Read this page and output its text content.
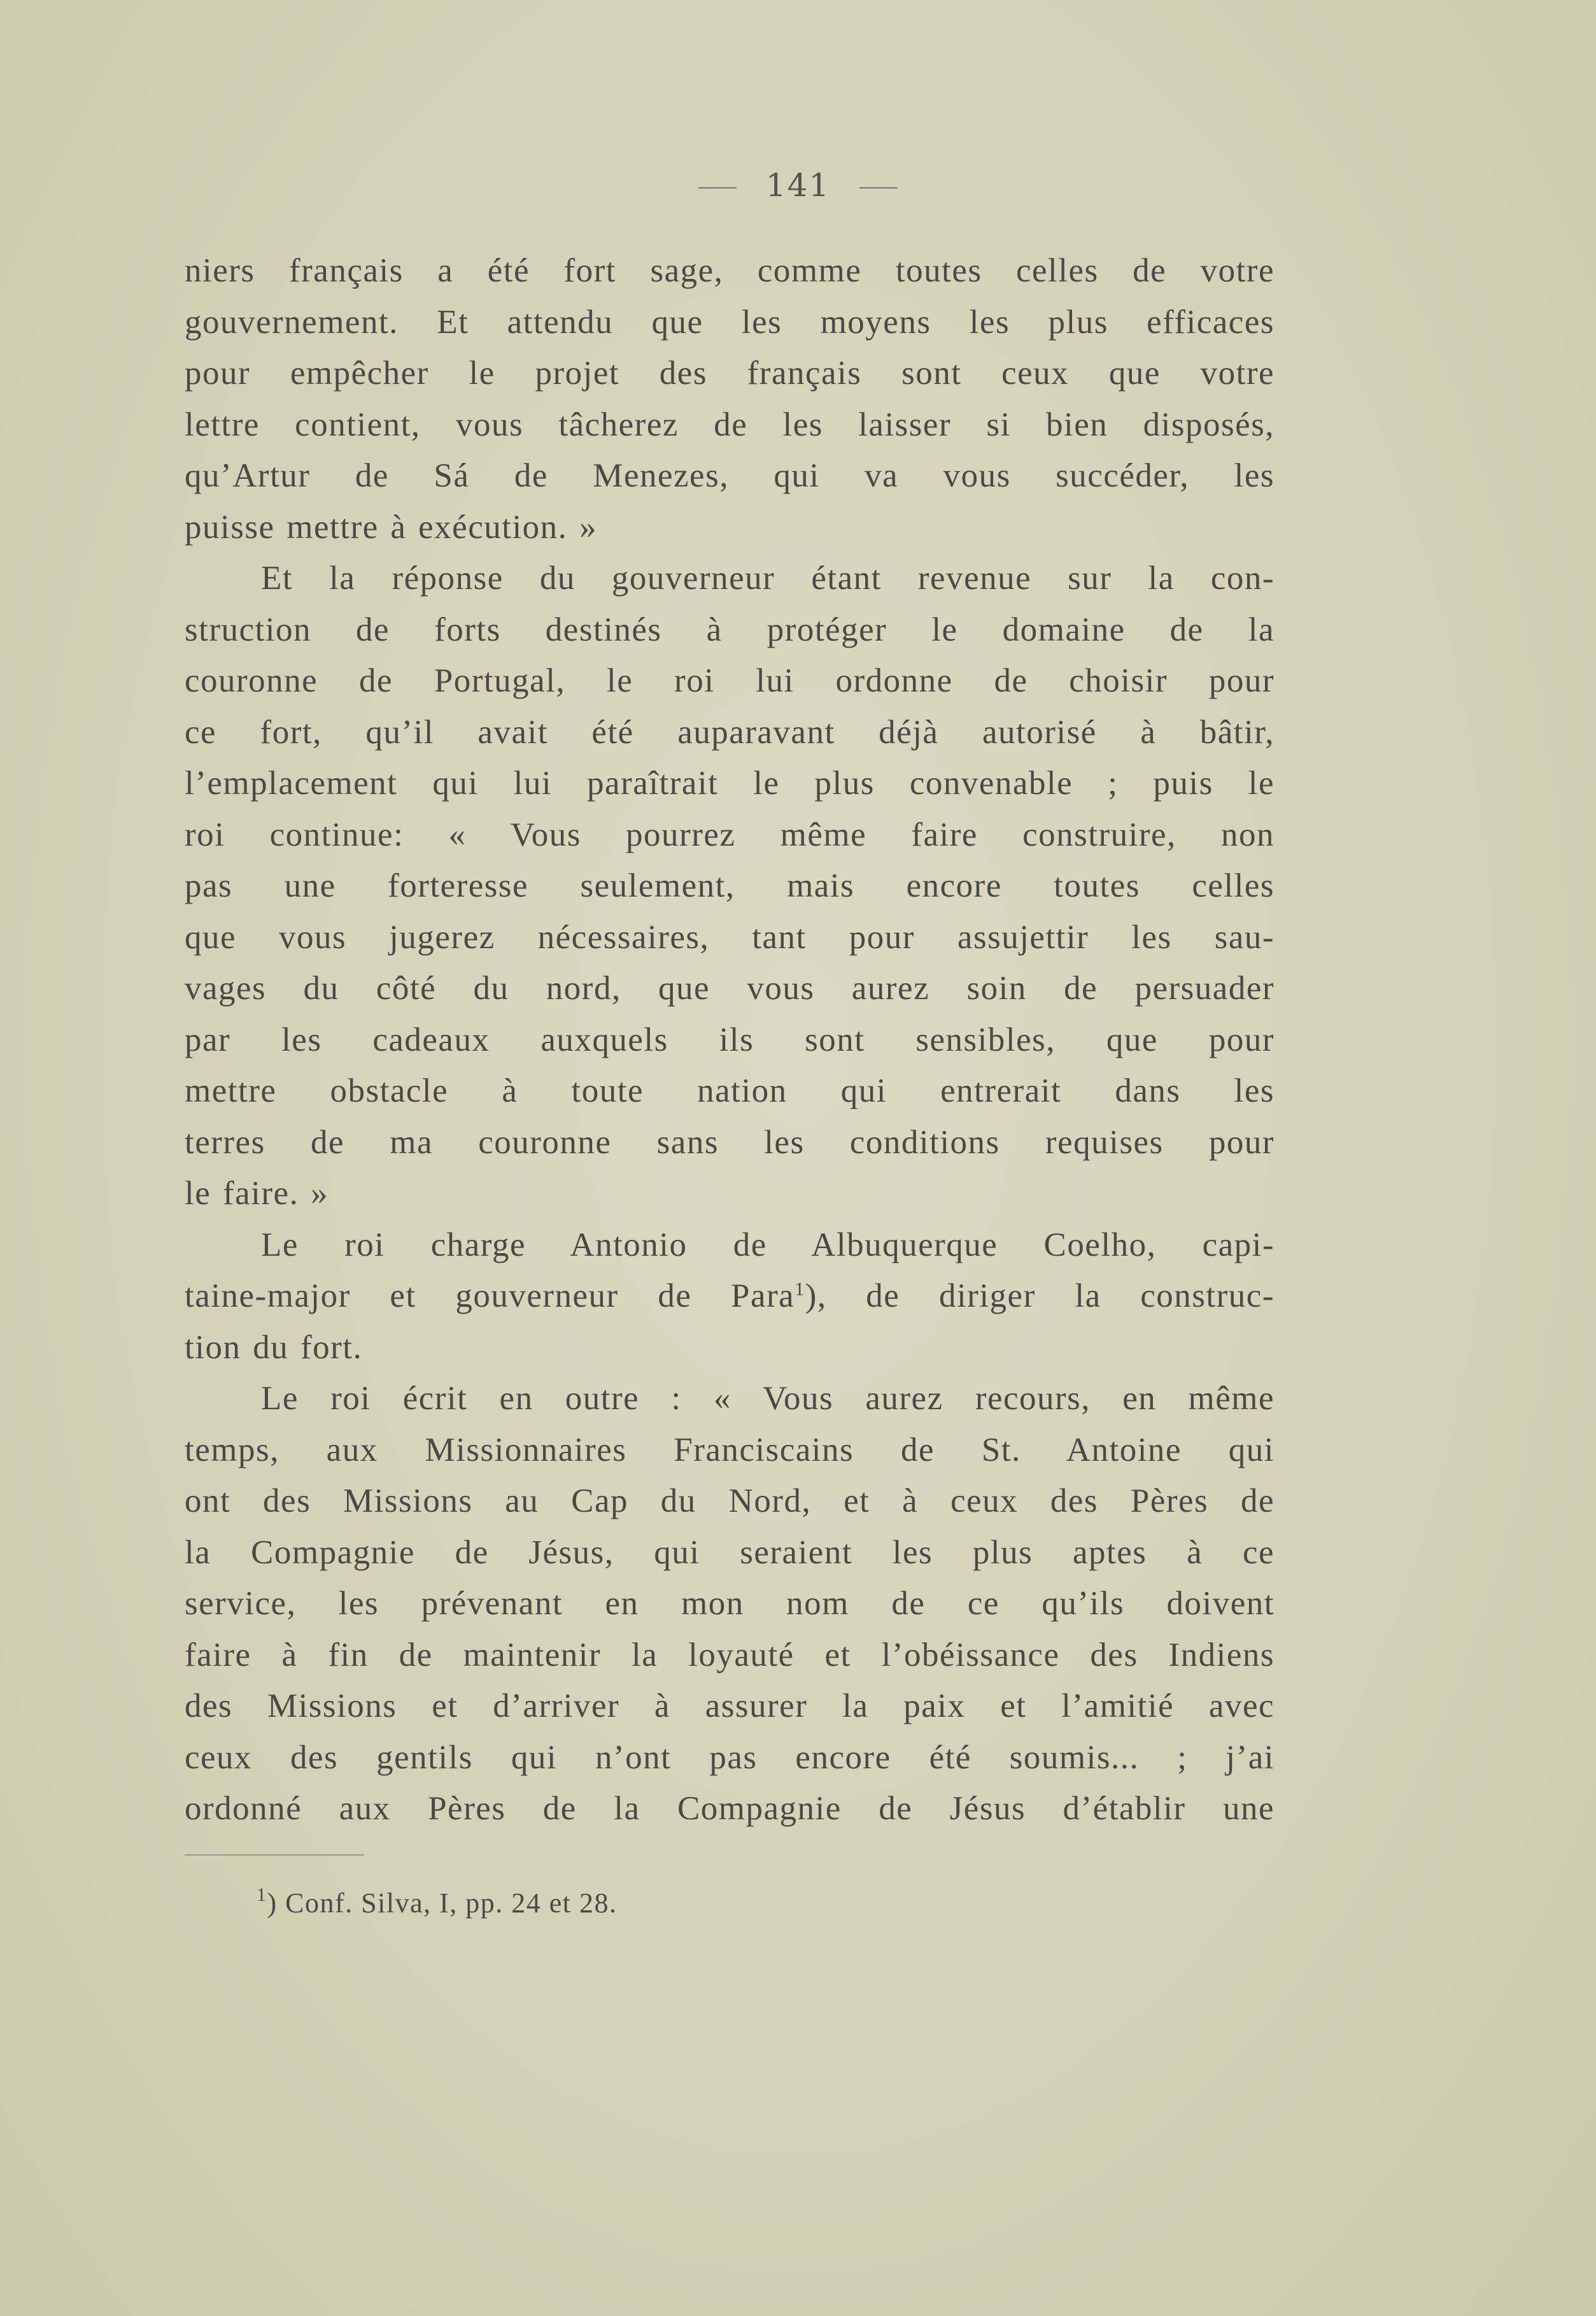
141
niers français a été fort sage, comme toutes celles de votre
gouvernement. Et attendu que les moyens les plus efficaces
pour empêcher le projet des français sont ceux que votre
lettre contient, vous tâcherez de les laisser si bien disposés,
qu’Artur de Sá de Menezes, qui va vous succéder, les
puisse mettre à exécution. »
Et la réponse du gouverneur étant revenue sur la con-
struction de forts destinés à protéger le domaine de la
couronne de Portugal, le roi lui ordonne de choisir pour
ce fort, qu’il avait été auparavant déjà autorisé à bâtir,
l’emplacement qui lui paraîtrait le plus convenable ; puis le
roi continue: « Vous pourrez même faire construire, non
pas une forteresse seulement, mais encore toutes celles
que vous jugerez nécessaires, tant pour assujettir les sau-
vages du côté du nord, que vous aurez soin de persuader
par les cadeaux auxquels ils sont sensibles, que pour
mettre obstacle à toute nation qui entrerait dans les
terres de ma couronne sans les conditions requises pour
le faire. »
Le roi charge Antonio de Albuquerque Coelho, capi-
taine-major et gouverneur de Para$^1$), de diriger la construc-
tion du fort.
Le roi écrit en outre : « Vous aurez recours, en même
temps, aux Missionnaires Franciscains de St. Antoine qui
ont des Missions au Cap du Nord, et à ceux des Pères de
la Compagnie de Jésus, qui seraient les plus aptes à ce
service, les prévenant en mon nom de ce qu’ils doivent
faire à fin de maintenir la loyauté et l’obéissance des Indiens
des Missions et d’arriver à assurer la paix et l’amitié avec
ceux des gentils qui n’ont pas encore été soumis... ; j’ai
ordonné aux Pères de la Compagnie de Jésus d’établir une
$^1$) Conf. Silva, I, pp. 24 et 28.
